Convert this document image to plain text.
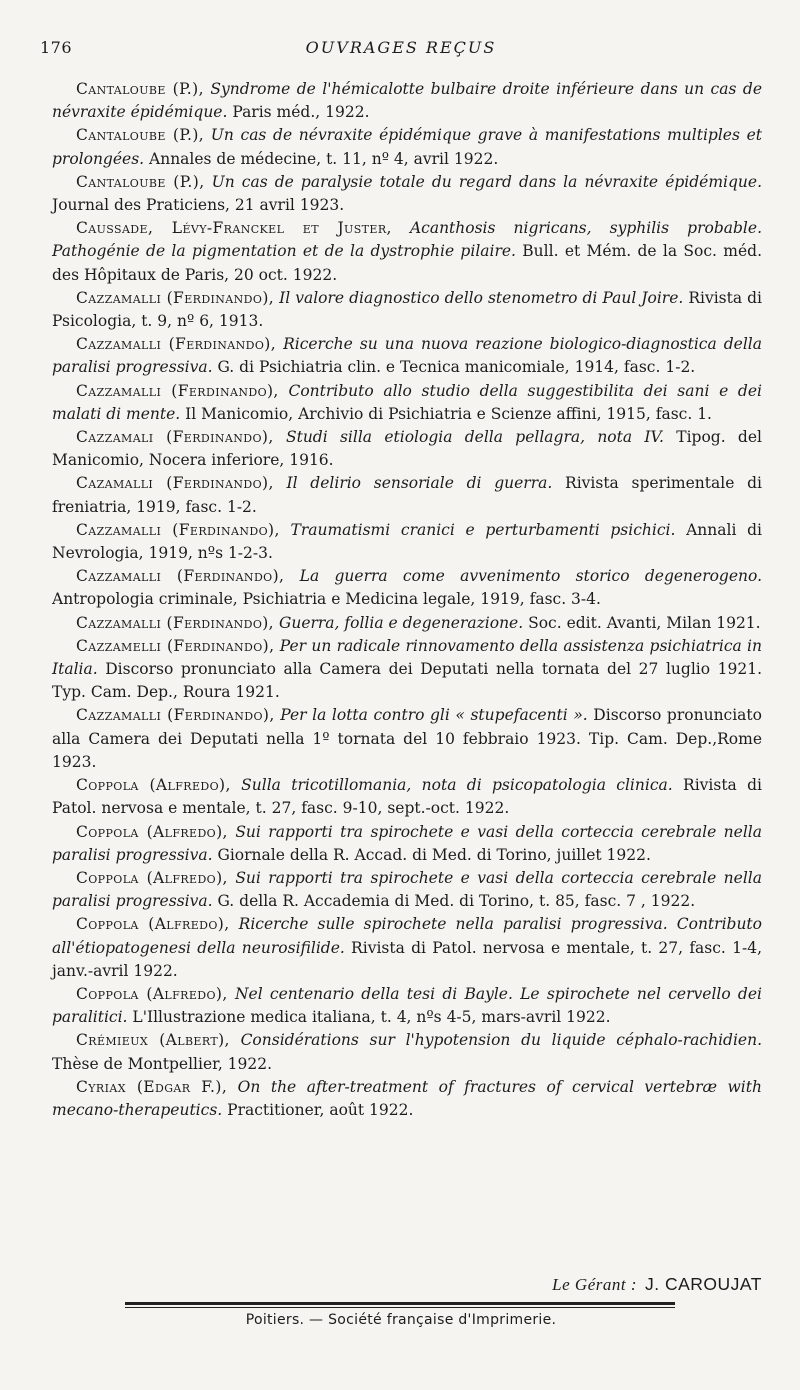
176	OUVRAGES REÇUS

Cantaloube (P.), Syndrome de l'hémicalotte bulbaire droite inférieure dans un cas de névraxite épidémique. Paris méd., 1922.

Cantaloube (P.), Un cas de névraxite épidémique grave à manifestations multiples et prolongées. Annales de médecine, t. 11, nº 4, avril 1922.

Cantaloube (P.), Un cas de paralysie totale du regard dans la névraxite épidémique. Journal des Praticiens, 21 avril 1923.

Caussade, Lévy-Franckel et Juster, Acanthosis nigricans, syphilis probable. Pathogénie de la pigmentation et de la dystrophie pilaire. Bull. et Mém. de la Soc. méd. des Hôpitaux de Paris, 20 oct. 1922.

Cazzamalli (Ferdinando), Il valore diagnostico dello stenometro di Paul Joire. Rivista di Psicologia, t. 9, nº 6, 1913.

Cazzamalli (Ferdinando), Ricerche su una nuova reazione biologico-diagnostica della paralisi progressiva. G. di Psichiatria clin. e Tecnica manicomiale, 1914, fasc. 1-2.

Cazzamalli (Ferdinando), Contributo allo studio della suggestibilita dei sani e dei malati di mente. Il Manicomio, Archivio di Psichiatria e Scienze affini, 1915, fasc. 1.

Cazzamali (Ferdinando), Studi silla etiologia della pellagra, nota IV. Tipog. del Manicomio, Nocera inferiore, 1916.

Cazamalli (Ferdinando), Il delirio sensoriale di guerra. Rivista sperimentale di freniatria, 1919, fasc. 1-2.

Cazzamalli (Ferdinando), Traumatismi cranici e perturbamenti psichici. Annali di Nevrologia, 1919, nºs 1-2-3.

Cazzamalli (Ferdinando), La guerra come avvenimento storico degenerogeno. Antropologia criminale, Psichiatria e Medicina legale, 1919, fasc. 3-4.

Cazzamalli (Ferdinando), Guerra, follia e degenerazione. Soc. edit. Avanti, Milan 1921.

Cazzamelli (Ferdinando), Per un radicale rinnovamento della assistenza psichiatrica in Italia. Discorso pronunciato alla Camera dei Deputati nella tornata del 27 luglio 1921. Typ. Cam. Dep., Roura 1921.

Cazzamalli (Ferdinando), Per la lotta contro gli « stupefacenti ». Discorso pronunciato alla Camera dei Deputati nella 1º tornata del 10 febbraio 1923. Tip. Cam. Dep.,Rome 1923.

Coppola (Alfredo), Sulla tricotillomania, nota di psicopatologia clinica. Rivista di Patol. nervosa e mentale, t. 27, fasc. 9-10, sept.-oct. 1922.

Coppola (Alfredo), Sui rapporti tra spirochete e vasi della corteccia cerebrale nella paralisi progressiva. Giornale della R. Accad. di Med. di Torino, juillet 1922.

Coppola (Alfredo), Sui rapporti tra spirochete e vasi della corteccia cerebrale nella paralisi progressiva. G. della R. Accademia di Med. di Torino, t. 85, fasc. 7 , 1922.

Coppola (Alfredo), Ricerche sulle spirochete nella paralisi progressiva. Contributo all'étiopatogenesi della neurosifilide. Rivista di Patol. nervosa e mentale, t. 27, fasc. 1-4, janv.-avril 1922.

Coppola (Alfredo), Nel centenario della tesi di Bayle. Le spirochete nel cervello dei paralitici. L'Illustrazione medica italiana, t. 4, nºs 4-5, mars-avril 1922.

Crémieux (Albert), Considérations sur l'hypotension du liquide céphalo-rachidien. Thèse de Montpellier, 1922.

Cyriax (Edgar F.), On the after-treatment of fractures of cervical vertebræ with mecano-therapeutics. Practitioner, août 1922.

Le Gérant : J. CAROUJAT
Poitiers. — Société française d'Imprimerie.
